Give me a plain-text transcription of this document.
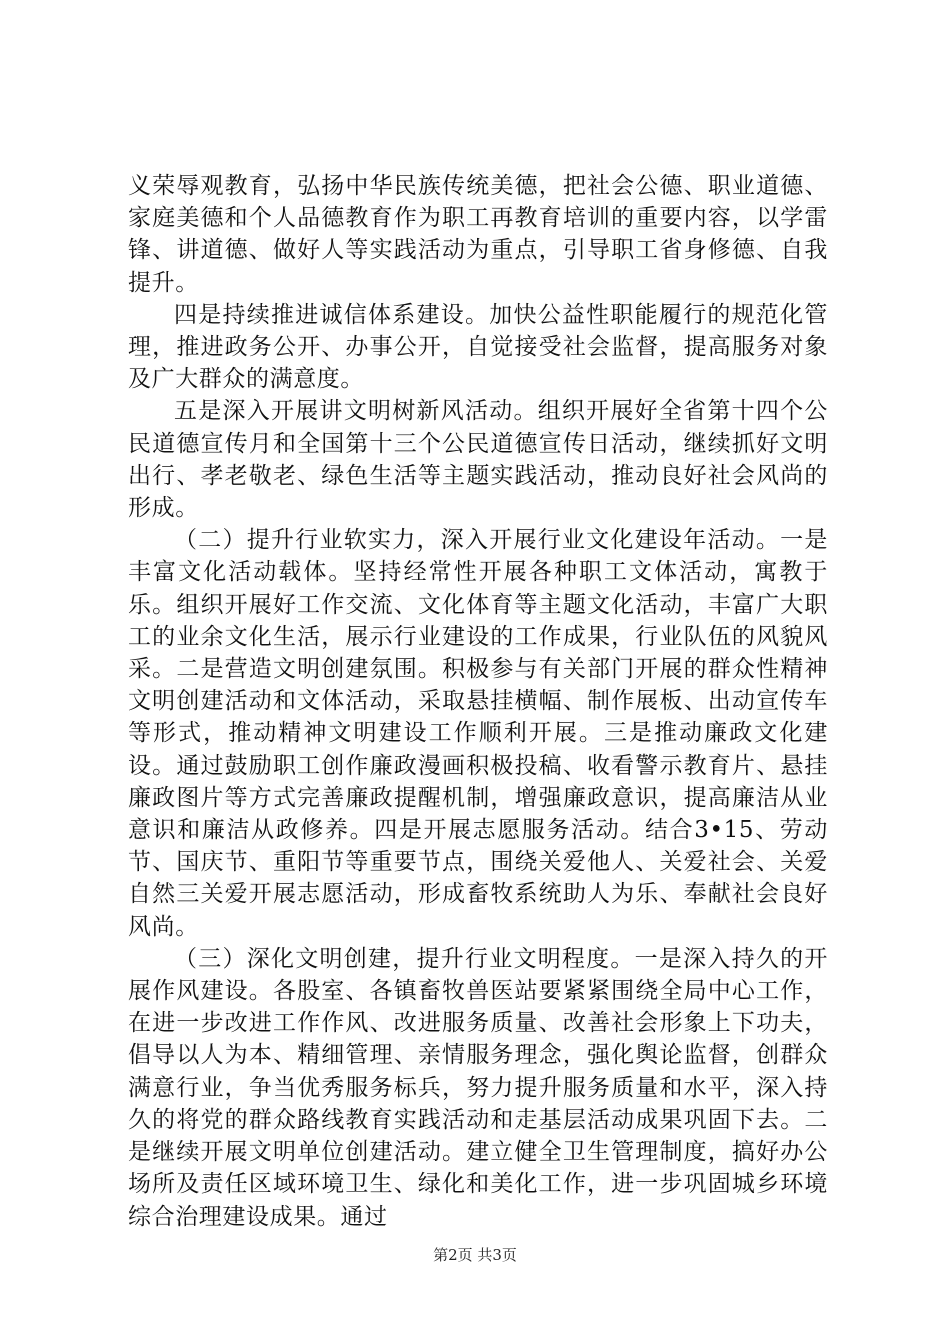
义荣辱观教育，弘扬中华民族传统美德，把社会公德、职业道德、家庭美德和个人品德教育作为职工再教育培训的重要内容，以学雷锋、讲道德、做好人等实践活动为重点，引导职工省身修德、自我提升。

四是持续推进诚信体系建设。加快公益性职能履行的规范化管理，推进政务公开、办事公开，自觉接受社会监督，提高服务对象及广大群众的满意度。

五是深入开展讲文明树新风活动。组织开展好全省第十四个公民道德宣传月和全国第十三个公民道德宣传日活动，继续抓好文明出行、孝老敬老、绿色生活等主题实践活动，推动良好社会风尚的形成。

（二）提升行业软实力，深入开展行业文化建设年活动。一是丰富文化活动载体。坚持经常性开展各种职工文体活动，寓教于乐。组织开展好工作交流、文化体育等主题文化活动，丰富广大职工的业余文化生活，展示行业建设的工作成果，行业队伍的风貌风采。二是营造文明创建氛围。积极参与有关部门开展的群众性精神文明创建活动和文体活动，采取悬挂横幅、制作展板、出动宣传车等形式，推动精神文明建设工作顺利开展。三是推动廉政文化建设。通过鼓励职工创作廉政漫画积极投稿、收看警示教育片、悬挂廉政图片等方式完善廉政提醒机制，增强廉政意识，提高廉洁从业意识和廉洁从政修养。四是开展志愿服务活动。结合3•15、劳动节、国庆节、重阳节等重要节点，围绕关爱他人、关爱社会、关爱自然三关爱开展志愿活动，形成畜牧系统助人为乐、奉献社会良好风尚。

（三）深化文明创建，提升行业文明程度。一是深入持久的开展作风建设。各股室、各镇畜牧兽医站要紧紧围绕全局中心工作，在进一步改进工作作风、改进服务质量、改善社会形象上下功夫，倡导以人为本、精细管理、亲情服务理念，强化舆论监督，创群众满意行业，争当优秀服务标兵，努力提升服务质量和水平，深入持久的将党的群众路线教育实践活动和走基层活动成果巩固下去。二是继续开展文明单位创建活动。建立健全卫生管理制度，搞好办公场所及责任区域环境卫生、绿化和美化工作，进一步巩固城乡环境综合治理建设成果。通过

第2页 共3页
